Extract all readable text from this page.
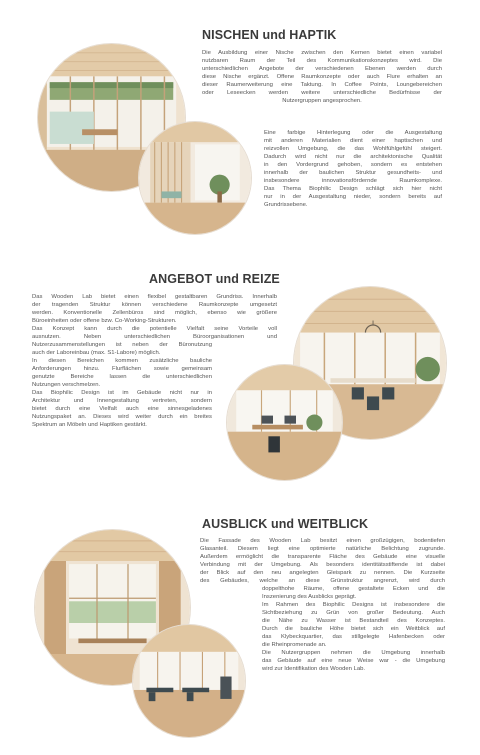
NISCHEN und HAPTIK

Die Ausbildung einer Nische zwischen den Kernen bietet einen variabel

nutzbaren Raum der Teil des Kommunikationskonzeptes wird. Die

unterschiedlichen Angebote der verschiedenen Ebenen werden durch

diese Nische ergänzt. Offene Raumkonzepte oder auch Flure erhalten an

dieser Raumerweiterung eine Taktung. In Coffee Points, Loungebereichen

oder Leseecken werden weitere unterschiedliche Bedürfnisse der

Nutzergruppen angesprochen.

Eine farbige Hinterlegung oder die Ausgestaltung

mit anderen Materialien dient einer haptischen und

reizvollen Umgebung, die das Wohlfühlgefühl steigert.

Dadurch wird nicht nur die architektonische Qualität

in den Vordergrund gehoben, sondern es entstehen

innerhalb der baulichen Struktur gesundheits- und

insbesondere innovationsfördernde Raumkomplexe.

Das Thema Biophilic Design schlägt sich hier nicht

nur in der Ausgestaltung nieder, sondern bereits auf

Grundrissebene.

ANGEBOT und REIZE

Das Wooden Lab bietet einen flexibel gestaltbaren Grundriss. Innerhalb

der tragenden Struktur können verschiedene Raumkonzepte umgesetzt

werden. Konventionelle Zellenbüros sind möglich, ebenso wie größere

Büroeinheiten oder offene bzw. Co-Working-Strukturen.

Das Konzept kann durch die potentielle Vielfalt seine Vorteile voll

ausnutzen. Neben unterschiedlichen Büroorganisationen und

Nutzerzusammenstellungen ist neben der Büronutzung

auch der Laboreinbau (max. S1-Labore) möglich.

In diesen Bereichen kommen zusätzliche bauliche

Anforderungen hinzu. Flurflächen sowie gemeinsam

genutzte Bereiche lassen die unterschiedlichen

Nutzungen verschmelzen.

Das Biophilic Design ist im Gebäude nicht nur in

Architektur und Innengestaltung vertreten, sondern

bietet durch eine Vielfalt auch eine sinnesgeladenes

Nutzungspaket an. Dieses wird weiter durch ein breites

Spektrum an Möbeln und Haptiken gestärkt.

AUSBLICK und WEITBLICK

Die Fassade des Wooden Lab besitzt einen großzügigen, bodentiefen

Glasanteil. Diesem liegt eine optimierte natürliche Belichtung zugrunde.

Außerdem ermöglicht die transparente Fläche des Gebäude eine visuelle

Verbindung mit der Umgebung. Als besonders identitätsstiftende ist dabei

der Blick auf den neu angelegten Gleispark zu nennen. Die Kurzseite

des Gebäudes, welche an diese Grünstruktur angrenzt, wird durch

doppelthohe Räume, offene gestaltete Ecken und die

Inszenierung des Ausblicks geprägt.

Im Rahmen des Biophilic Designs ist insbesondere die

Sichtbeziehung zu Grün von großer Bedeutung. Auch

die Nähe zu Wasser ist Bestandteil des Konzeptes.

Durch die bauliche Höhe bietet sich ein Weitblick auf

das Klybeckquartier, das stillgelegte Hafenbecken oder

die Rheinpromenade an.

Die Nutzergruppen nehmen die Umgebung innerhalb

das Gebäude auf eine neue Weise war - die Umgebung

wird zur Identifikation des Wooden Lab.
